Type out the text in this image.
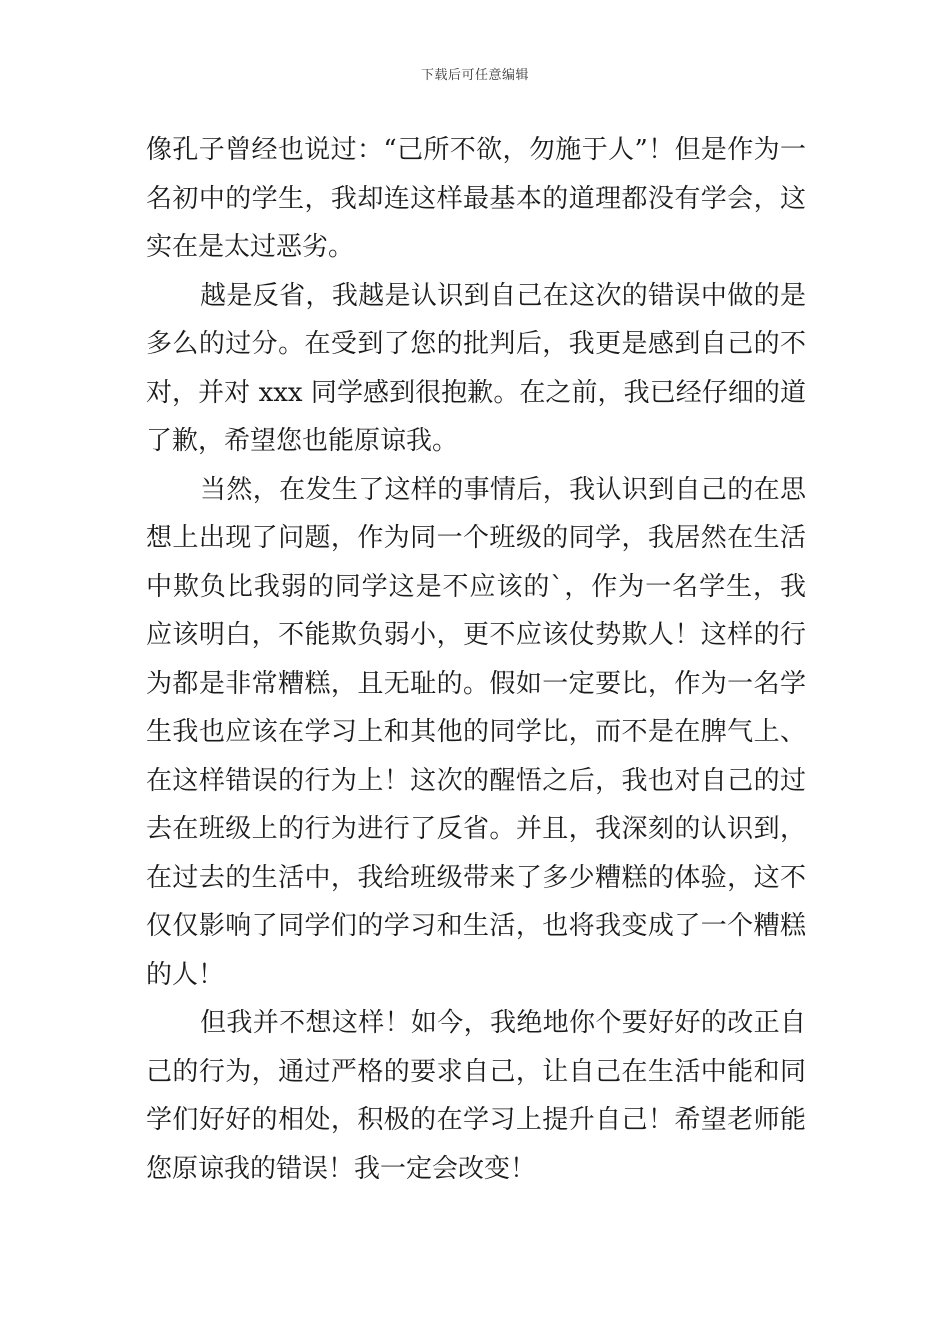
下载后可任意编辑

像孔子曾经也说过：“己所不欲，勿施于人”！但是作为一名初中的学生，我却连这样最基本的道理都没有学会，这实在是太过恶劣。

越是反省，我越是认识到自己在这次的错误中做的是多么的过分。在受到了您的批判后，我更是感到自己的不对，并对 xxx 同学感到很抱歉。在之前，我已经仔细的道了歉，希望您也能原谅我。

当然，在发生了这样的事情后，我认识到自己的在思想上出现了问题，作为同一个班级的同学，我居然在生活中欺负比我弱的同学这是不应该的`，作为一名学生，我应该明白，不能欺负弱小，更不应该仗势欺人！这样的行为都是非常糟糕，且无耻的。假如一定要比，作为一名学生我也应该在学习上和其他的同学比，而不是在脾气上、在这样错误的行为上！这次的醒悟之后，我也对自己的过去在班级上的行为进行了反省。并且，我深刻的认识到，在过去的生活中，我给班级带来了多少糟糕的体验，这不仅仅影响了同学们的学习和生活，也将我变成了一个糟糕的人！

但我并不想这样！如今，我绝地你个要好好的改正自己的行为，通过严格的要求自己，让自己在生活中能和同学们好好的相处，积极的在学习上提升自己！希望老师能您原谅我的错误！我一定会改变！
